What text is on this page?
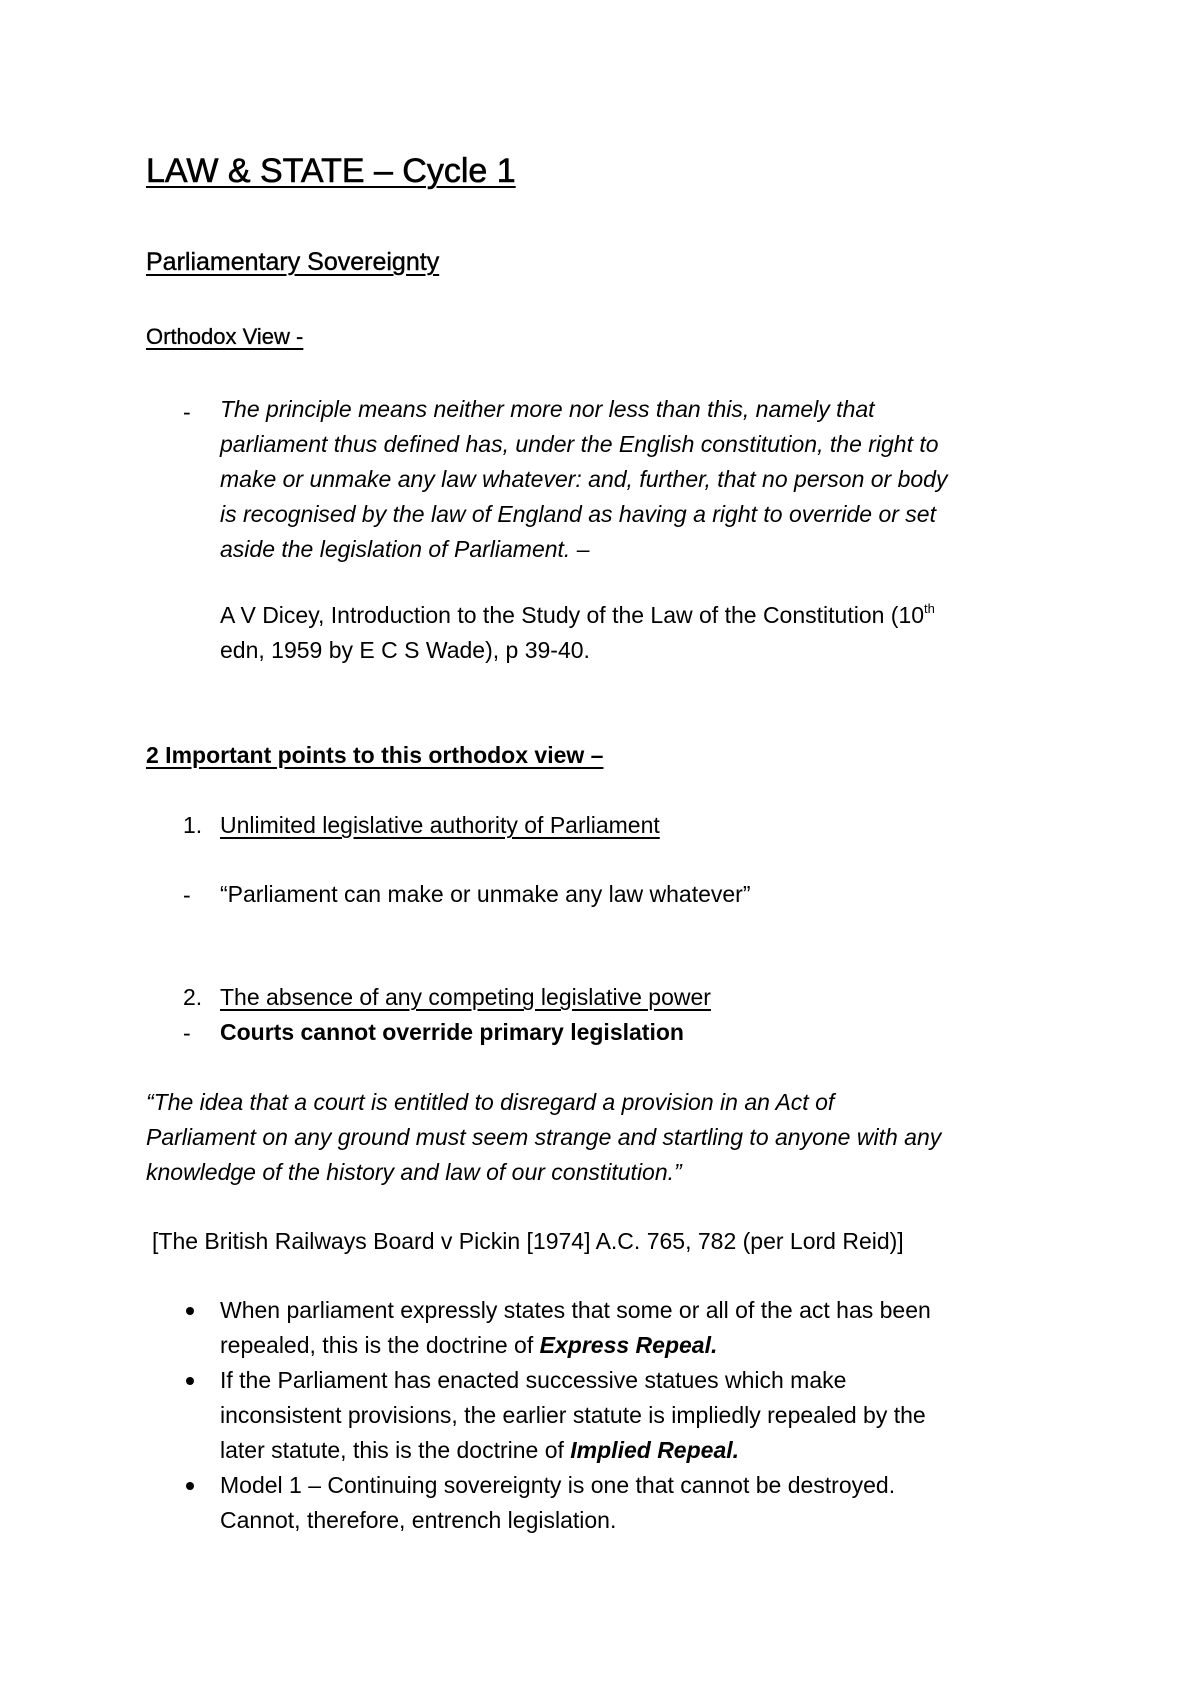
LAW & STATE – Cycle 1
Parliamentary Sovereignty
Orthodox View -
- The principle means neither more nor less than this, namely that
parliament thus defined has, under the English constitution, the right to
make or unmake any law whatever: and, further, that no person or body
is recognised by the law of England as having a right to override or set
aside the legislation of Parliament. –
A V Dicey, Introduction to the Study of the Law of the Constitution (10th
edn, 1959 by E C S Wade), p 39-40.
2 Important points to this orthodox view –
1. Unlimited legislative authority of Parliament
- “Parliament can make or unmake any law whatever”
2. The absence of any competing legislative power
- Courts cannot override primary legislation
“The idea that a court is entitled to disregard a provision in an Act of
Parliament on any ground must seem strange and startling to anyone with any
knowledge of the history and law of our constitution.”
[The British Railways Board v Pickin [1974] A.C. 765, 782 (per Lord Reid)]
When parliament expressly states that some or all of the act has been
repealed, this is the doctrine of Express Repeal.
If the Parliament has enacted successive statues which make
inconsistent provisions, the earlier statute is impliedly repealed by the
later statute, this is the doctrine of Implied Repeal.
Model 1 – Continuing sovereignty is one that cannot be destroyed.
Cannot, therefore, entrench legislation.
